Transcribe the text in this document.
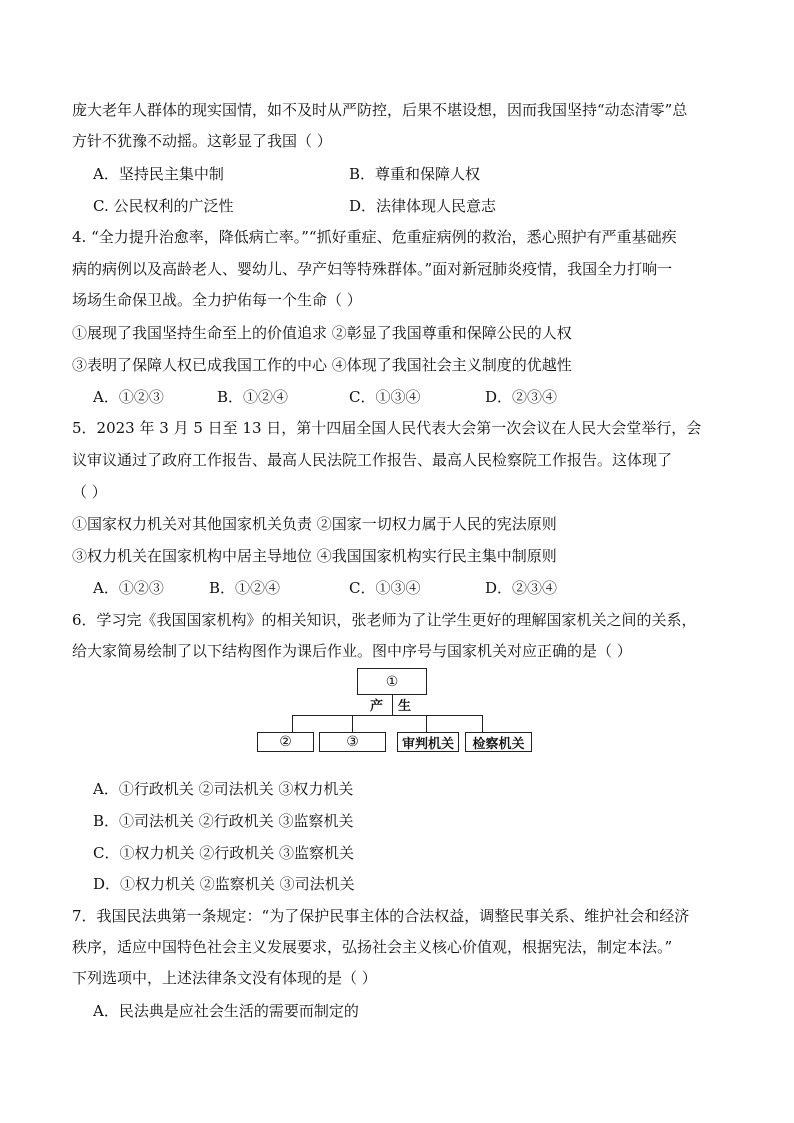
庞大老年人群体的现实国情，如不及时从严防控，后果不堪设想，因而我国坚持“动态清零”总
方针不犹豫不动摇。这彰显了我国（ ）
A．坚持民主集中制	B．尊重和保障人权
C. 公民权利的广泛性	D．法律体现人民意志
4. “全力提升治愈率，降低病亡率。”“抓好重症、危重症病例的救治，悉心照护有严重基础疾
病的病例以及高龄老人、婴幼儿、孕产妇等特殊群体。”面对新冠肺炎疫情，我国全力打响一
场场生命保卫战。全力护佑每一个生命（ ）
①展现了我国坚持生命至上的价值追求 ②彰显了我国尊重和保障公民的人权
③表明了保障人权已成我国工作的中心 ④体现了我国社会主义制度的优越性
A．①②③	B．①②④	C．①③④	D．②③④
5．2023 年 3 月 5 日至 13 日，第十四届全国人民代表大会第一次会议在人民大会堂举行，会
议审议通过了政府工作报告、最高人民法院工作报告、最高人民检察院工作报告。这体现了
（ ）
①国家权力机关对其他国家机关负责 ②国家一切权力属于人民的宪法原则
③权力机关在国家机构中居主导地位 ④我国国家机构实行民主集中制原则
A．①②③	B．①②④	C．①③④	D．②③④
6．学习完《我国国家机构》的相关知识，张老师为了让学生更好的理解国家机关之间的关系，
给大家简易绘制了以下结构图作为课后作业。图中序号与国家机关对应正确的是（ ）
①
产 生
②	③	审判机关	检察机关
A．①行政机关 ②司法机关 ③权力机关
B．①司法机关 ②行政机关 ③监察机关
C．①权力机关 ②行政机关 ③监察机关
D．①权力机关 ②监察机关 ③司法机关
7．我国民法典第一条规定：“为了保护民事主体的合法权益，调整民事关系、维护社会和经济
秩序，适应中国特色社会主义发展要求，弘扬社会主义核心价值观，根据宪法，制定本法。”
下列选项中，上述法律条文没有体现的是（ ）
A．民法典是应社会生活的需要而制定的
